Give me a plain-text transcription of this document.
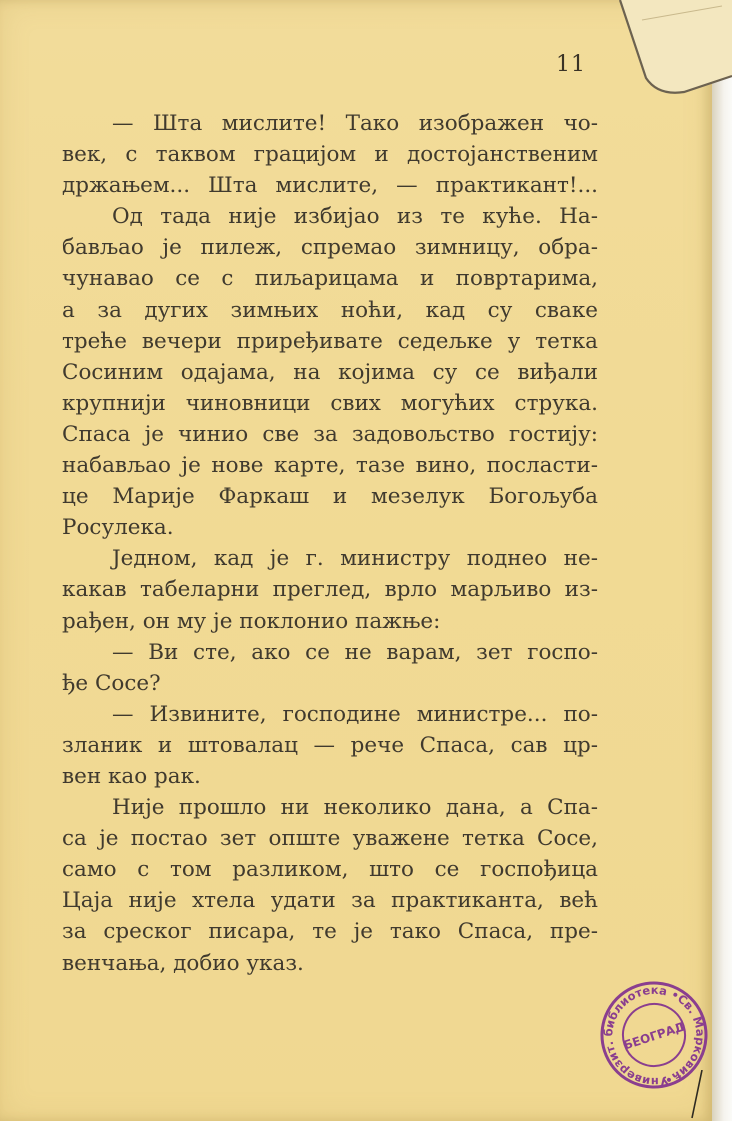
11
— Шта мислите! Тако изображен чо-
век, с таквом грацијом и достојанственим
држањем... Шта мислите, — практикант!...
Од тада није избијао из те куће. На-
бављао је пилеж, спремао зимницу, обра-
чунавао се с пиљарицама и повртарима,
а за дугих зимњих ноћи, кад су сваке
треће вечери приређивате седељке у тетка
Сосиним одајама, на којима су се виђали
крупнији чиновници свих могућих струка.
Спаса је чинио све за задовољство гостију:
набављао је нове карте, тазе вино, посласти-
це Марије Фаркаш и мезелук Богољуба
Росулека.
Једном, кад је г. министру поднео не-
какав табеларни преглед, врло марљиво из-
рађен, он му је поклонио пажње:
— Ви сте, ако се не варам, зет госпо-
ђе Сосе?
— Извините, господине министре... по-
зланик и штовалац — рече Спаса, сав цр-
вен као рак.
Није прошло ни неколико дана, а Спа-
са је постао зет опште уважене тетка Сосе,
само с том разликом, што се госпођица
Цаја није хтела удати за практиканта, већ
за среског писара, те је тако Спаса, пре-
венчања, добио указ.
Универзит. библиотека •Св. Марковић•
БЕОГРАД
